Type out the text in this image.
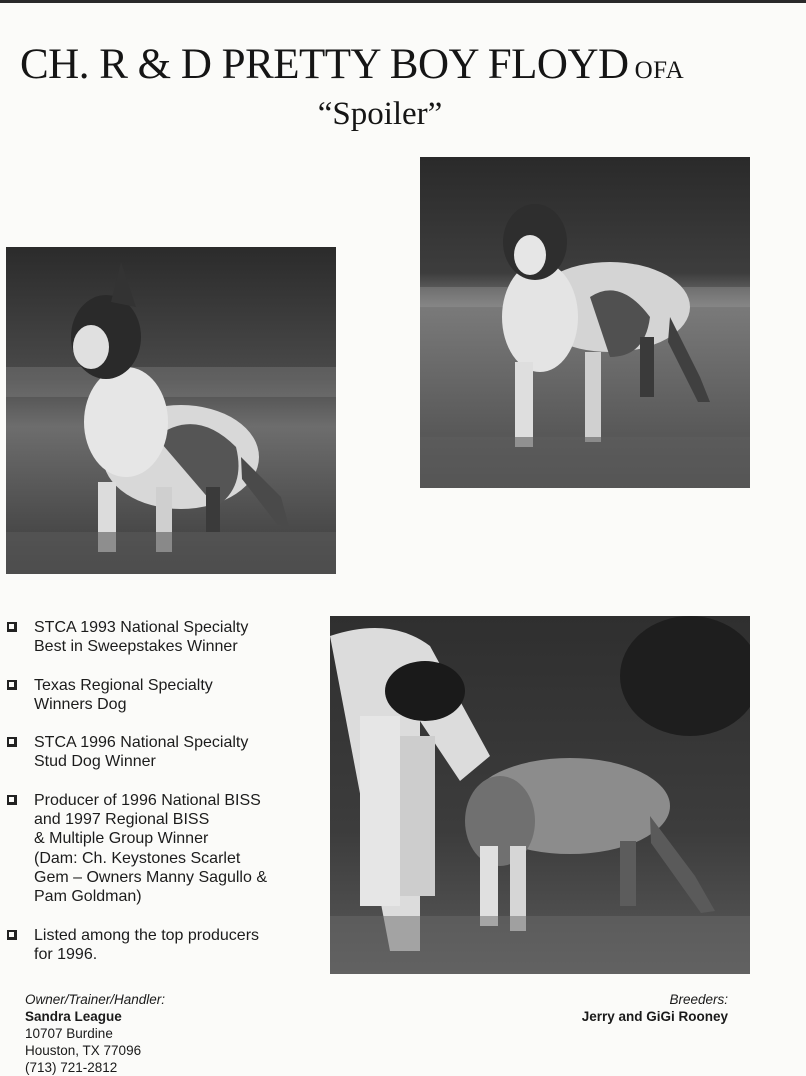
CH. R & D PRETTY BOY FLOYD OFA
“Spoiler”
STCA 1993 National Specialty
Best in Sweepstakes Winner
Texas Regional Specialty
Winners Dog
STCA 1996 National Specialty
Stud Dog Winner
Producer of 1996 National BISS
and 1997 Regional BISS
& Multiple Group Winner
(Dam: Ch. Keystones Scarlet
Gem – Owners Manny Sagullo &
Pam Goldman)
Listed among the top producers
for 1996.
Owner/Trainer/Handler:
Sandra League
10707 Burdine
Houston, TX 77096
(713) 721-2812
Breeders:
Jerry and GiGi Rooney
